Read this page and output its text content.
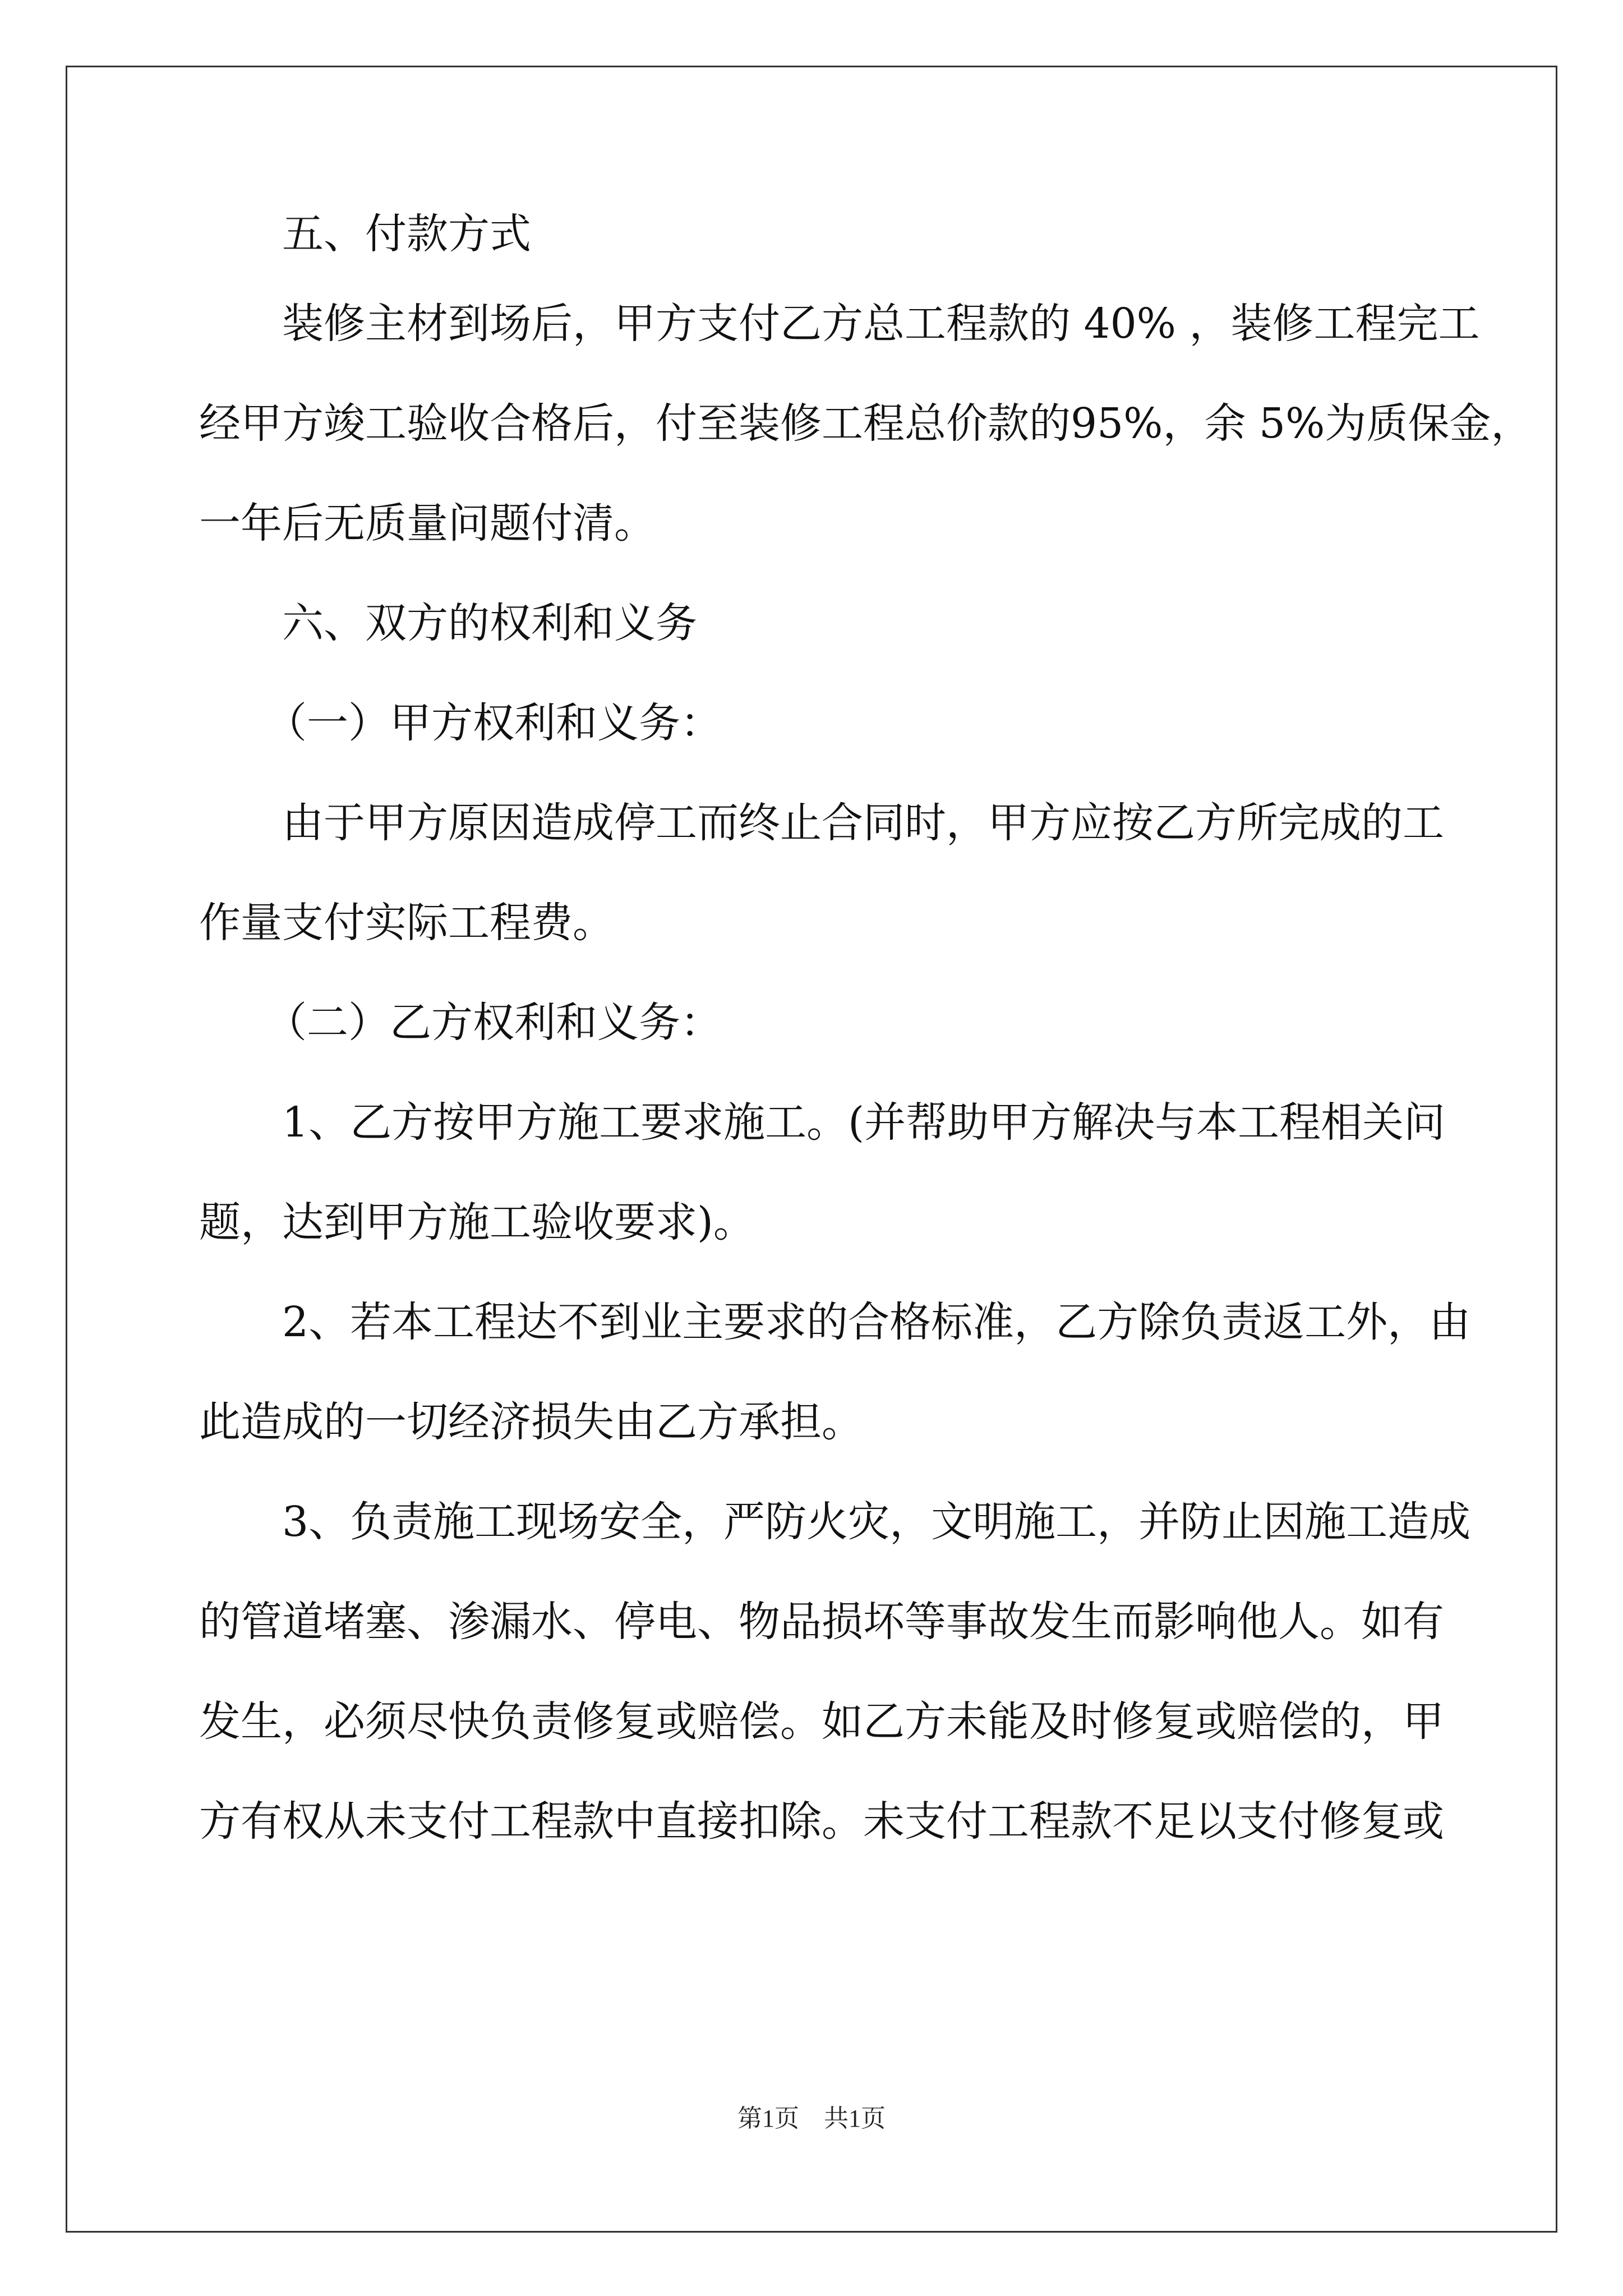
五、付款方式
装修主材到场后，甲方支付乙方总工程款的 40% ，装修工程完工
经甲方竣工验收合格后，付至装修工程总价款的95%，余 5%为质保金，
一年后无质量问题付清。
六、双方的权利和义务
（一）甲方权利和义务：
由于甲方原因造成停工而终止合同时，甲方应按乙方所完成的工
作量支付实际工程费。
（二）乙方权利和义务：
1、乙方按甲方施工要求施工。(并帮助甲方解决与本工程相关问
题，达到甲方施工验收要求)。
2、若本工程达不到业主要求的合格标准，乙方除负责返工外，由
此造成的一切经济损失由乙方承担。
3、负责施工现场安全，严防火灾，文明施工，并防止因施工造成
的管道堵塞、渗漏水、停电、物品损坏等事故发生而影响他人。如有
发生，必须尽快负责修复或赔偿。如乙方未能及时修复或赔偿的，甲
方有权从未支付工程款中直接扣除。未支付工程款不足以支付修复或
第1页　共1页
